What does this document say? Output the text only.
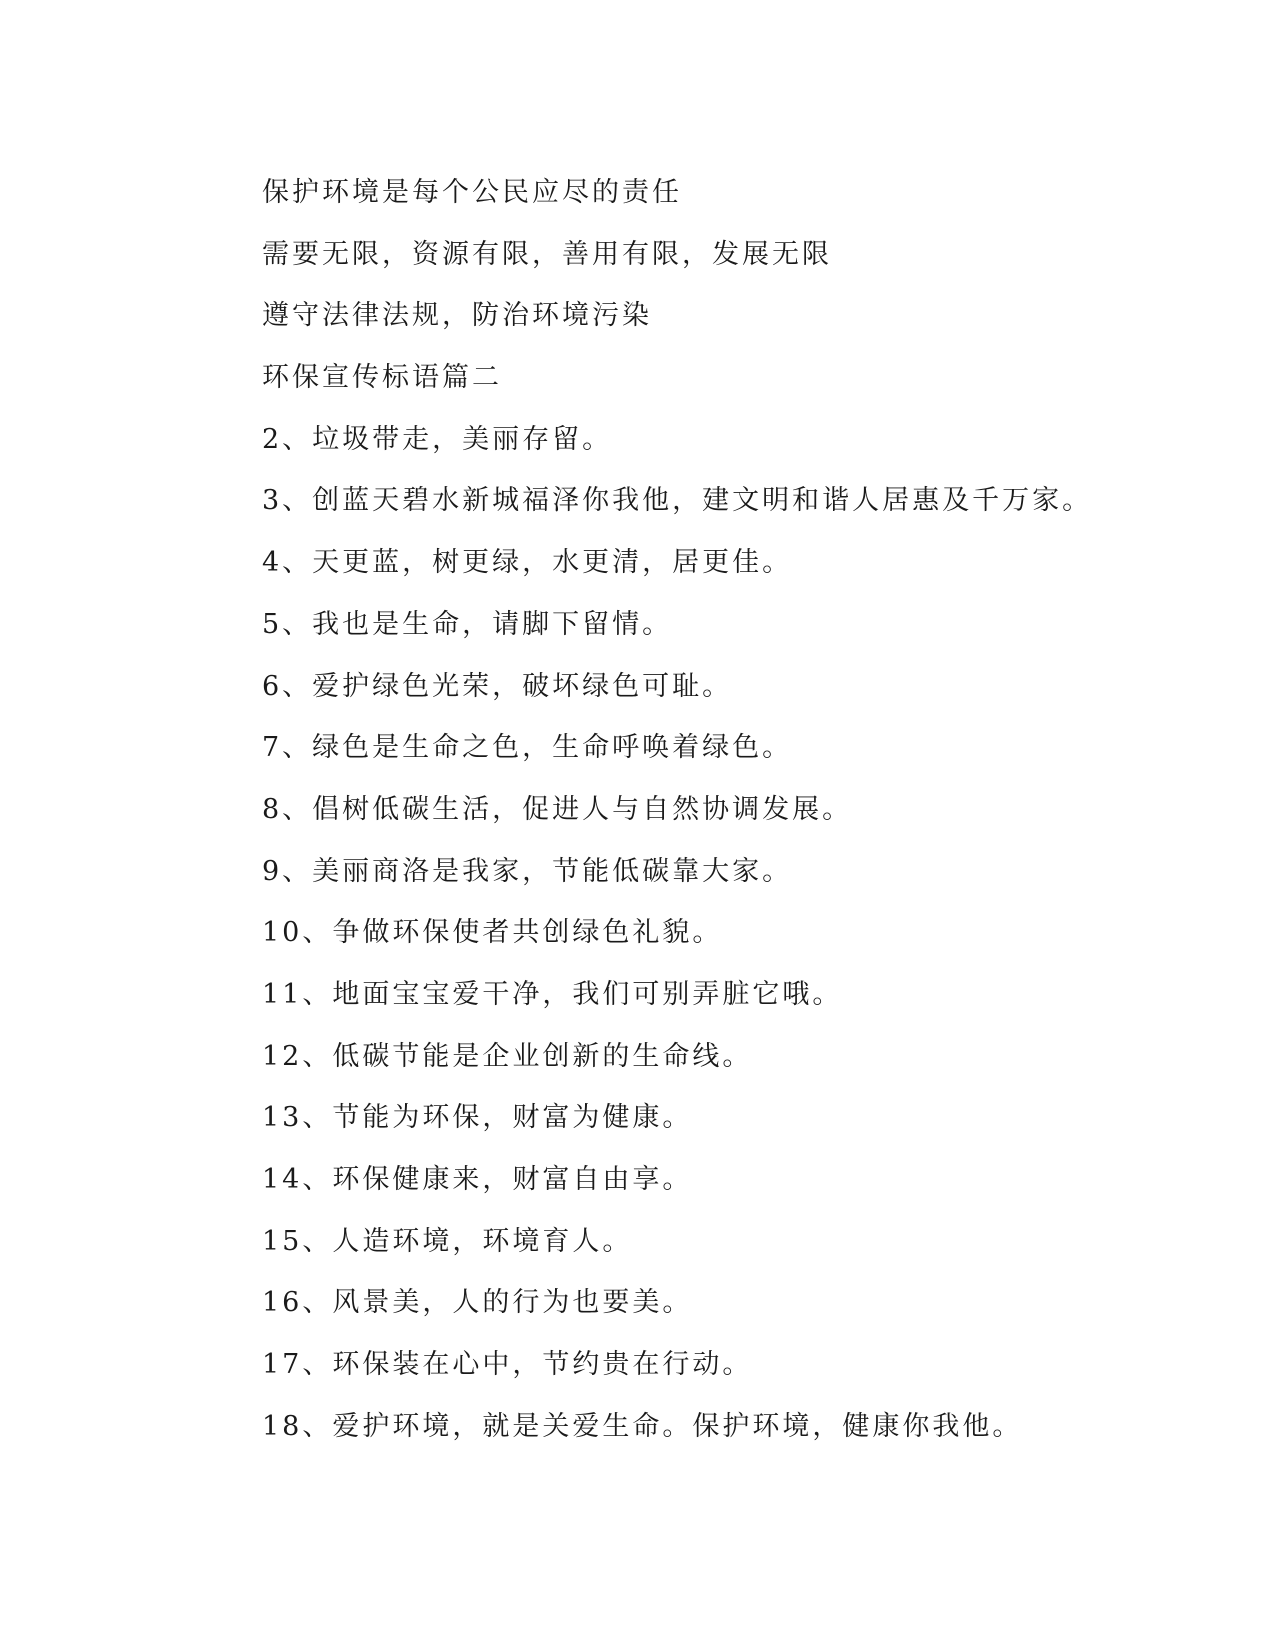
保护环境是每个公民应尽的责任
需要无限，资源有限，善用有限，发展无限
遵守法律法规，防治环境污染
环保宣传标语篇二
2、垃圾带走，美丽存留。
3、创蓝天碧水新城福泽你我他，建文明和谐人居惠及千万家。
4、天更蓝，树更绿，水更清，居更佳。
5、我也是生命，请脚下留情。
6、爱护绿色光荣，破坏绿色可耻。
7、绿色是生命之色，生命呼唤着绿色。
8、倡树低碳生活，促进人与自然协调发展。
9、美丽商洛是我家，节能低碳靠大家。
10、争做环保使者共创绿色礼貌。
11、地面宝宝爱干净，我们可别弄脏它哦。
12、低碳节能是企业创新的生命线。
13、节能为环保，财富为健康。
14、环保健康来，财富自由享。
15、人造环境，环境育人。
16、风景美，人的行为也要美。
17、环保装在心中，节约贵在行动。
18、爱护环境，就是关爱生命。保护环境，健康你我他。
